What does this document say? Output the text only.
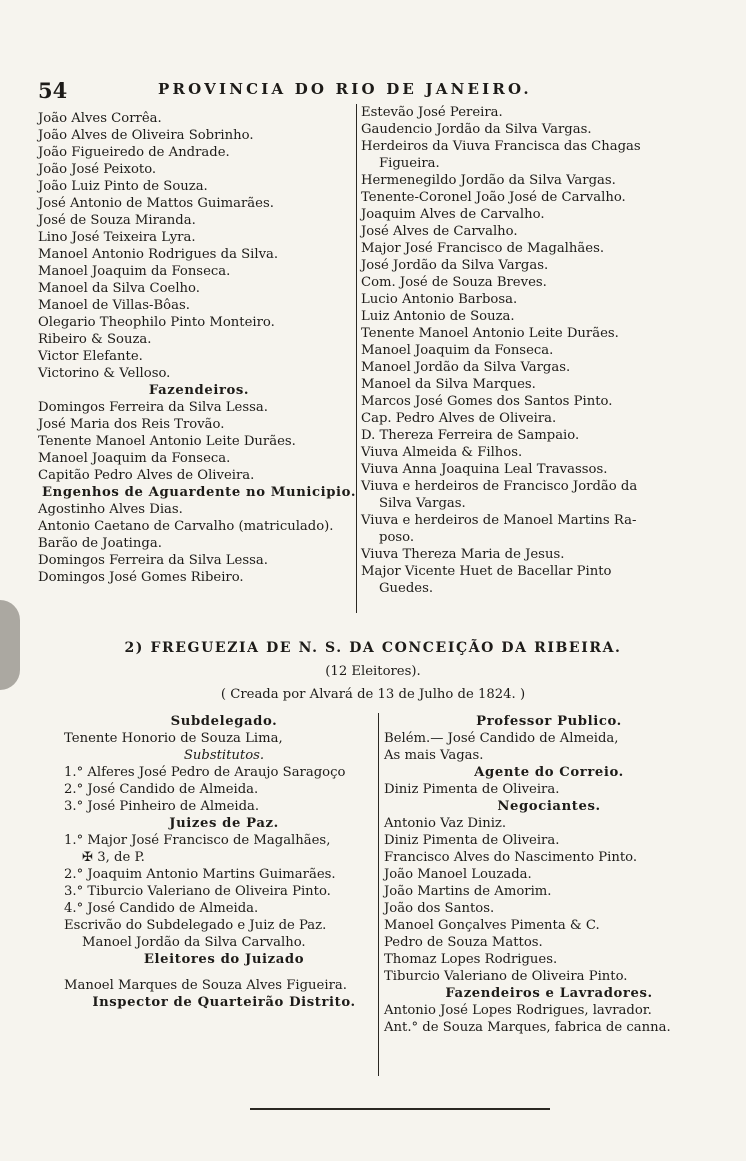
54	PROVINCIA DO RIO DE JANEIRO.
João Alves Corrêa.
João Alves de Oliveira Sobrinho.
João Figueiredo de Andrade.
João José Peixoto.
João Luiz Pinto de Souza.
José Antonio de Mattos Guimarães.
José de Souza Miranda.
Lino José Teixeira Lyra.
Manoel Antonio Rodrigues da Silva.
Manoel Joaquim da Fonseca.
Manoel da Silva Coelho.
Manoel de Villas-Bôas.
Olegario Theophilo Pinto Monteiro.
Ribeiro & Souza.
Victor Elefante.
Victorino & Velloso.
Fazendeiros.
Domingos Ferreira da Silva Lessa.
José Maria dos Reis Trovão.
Tenente Manoel Antonio Leite Durães.
Manoel Joaquim da Fonseca.
Capitão Pedro Alves de Oliveira.
Engenhos de Aguardente no Municipio.
Agostinho Alves Dias.
Antonio Caetano de Carvalho (matriculado).
Barão de Joatinga.
Domingos Ferreira da Silva Lessa.
Domingos José Gomes Ribeiro.
Estevão José Pereira.
Gaudencio Jordão da Silva Vargas.
Herdeiros da Viuva Francisca das Chagas
Figueira.
Hermenegildo Jordão da Silva Vargas.
Tenente-Coronel João José de Carvalho.
Joaquim Alves de Carvalho.
José Alves de Carvalho.
Major José Francisco de Magalhães.
José Jordão da Silva Vargas.
Com. José de Souza Breves.
Lucio Antonio Barbosa.
Luiz Antonio de Souza.
Tenente Manoel Antonio Leite Durães.
Manoel Joaquim da Fonseca.
Manoel Jordão da Silva Vargas.
Manoel da Silva Marques.
Marcos José Gomes dos Santos Pinto.
Cap. Pedro Alves de Oliveira.
D. Thereza Ferreira de Sampaio.
Viuva Almeida & Filhos.
Viuva Anna Joaquina Leal Travassos.
Viuva e herdeiros de Francisco Jordão da
Silva Vargas.
Viuva e herdeiros de Manoel Martins Ra-
poso.
Viuva Thereza Maria de Jesus.
Major Vicente Huet de Bacellar Pinto
Guedes.
2) FREGUEZIA DE N. S. DA CONCEIÇÃO DA RIBEIRA.
(12 Eleitores).
( Creada por Alvará de 13 de Julho de 1824. )
Subdelegado.
Tenente Honorio de Souza Lima,
Substitutos.
1.° Alferes José Pedro de Araujo Saragoço
2.° José Candido de Almeida.
3.° José Pinheiro de Almeida.
Juizes de Paz.
1.° Major José Francisco de Magalhães,
✠ 3, de P.
2.° Joaquim Antonio Martins Guimarães.
3.° Tiburcio Valeriano de Oliveira Pinto.
4.° José Candido de Almeida.
Escrivão do Subdelegado e Juiz de Paz.
Manoel Jordão da Silva Carvalho.
Eleitores do Juizado
Manoel Marques de Souza Alves Figueira.
Inspector de Quarteirão Distrito.
Professor Publico.
Belém.— José Candido de Almeida,
As mais Vagas.
Agente do Correio.
Diniz Pimenta de Oliveira.
Negociantes.
Antonio Vaz Diniz.
Diniz Pimenta de Oliveira.
Francisco Alves do Nascimento Pinto.
João Manoel Louzada.
João Martins de Amorim.
João dos Santos.
Manoel Gonçalves Pimenta & C.
Pedro de Souza Mattos.
Thomaz Lopes Rodrigues.
Tiburcio Valeriano de Oliveira Pinto.
Fazendeiros e Lavradores.
Antonio José Lopes Rodrigues, lavrador.
Ant.° de Souza Marques, fabrica de canna.
